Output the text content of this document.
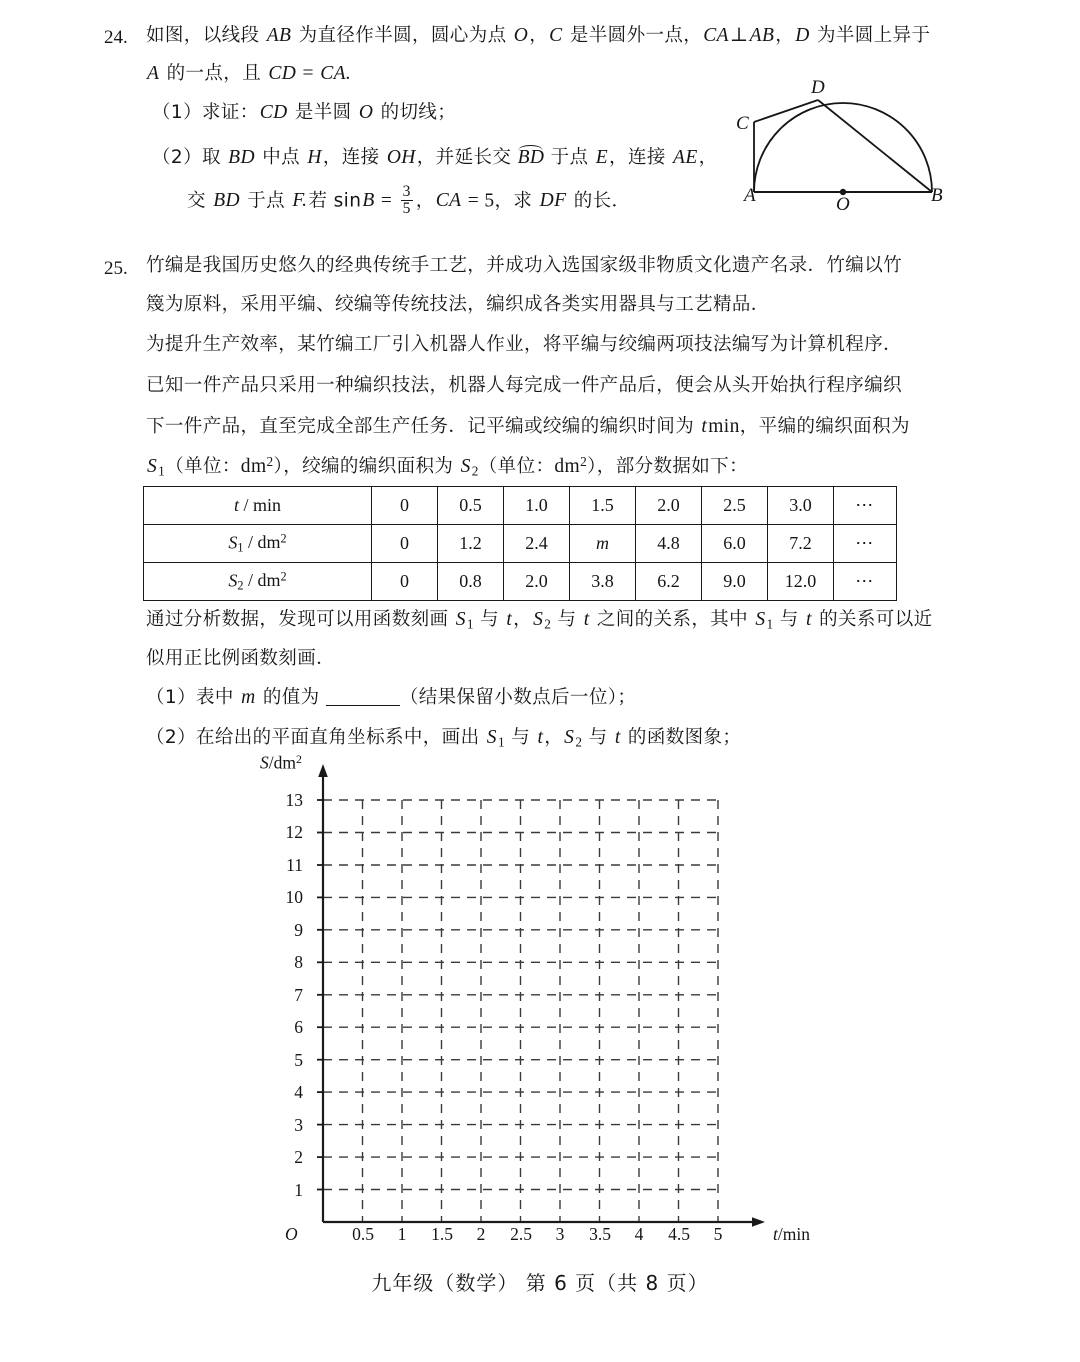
24. 如图，以线段 AB 为直径作半圆，圆心为点 O，C 是半圆外一点，CA⊥AB，D 为半圆上异于
A 的一点，且 CD = CA.
（1）求证：CD 是半圆 O 的切线；
（2）取 BD 中点 H，连接 OH，并延长交 BD 于点 E，连接 AE，
交 BD 于点 F.若 $\sin B = \frac{3}{5}$ ，CA = 5，求 DF 的长．	A	B
C
D
O
25. 竹编是我国历史悠久的经典传统手工艺，并成功入选国家级非物质文化遗产名录．竹编以竹
篾为原料，采用平编、绞编等传统技法，编织成各类实用器具与工艺精品．
为提升生产效率，某竹编工厂引入机器人作业，将平编与绞编两项技法编写为计算机程序．
已知一件产品只采用一种编织技法，机器人每完成一件产品后，便会从头开始执行程序编织
下一件产品，直至完成全部生产任务．记平编或绞编的编织时间为 tmin，平编的编织面积为
$S_1$（单位：$dm^2$），绞编的编织面积为 $S_2$（单位：$dm^2$），部分数据如下：
t / min	0	0.5	1.0	1.5	2.0	2.5	3.0	⋯
$S_1 / dm^2$	0	1.2	2.4	m	4.8	6.0	7.2	⋯
$S_2 / dm^2$	0	0.8	2.0	3.8	6.2	9.0	12.0	⋯
通过分析数据，发现可以用函数刻画 $S_1$ 与 t，$S_2$ 与 t 之间的关系，其中 $S_1$ 与 t 的关系可以近
似用正比例函数刻画．
（1）表中 m 的值为	（结果保留小数点后一位）；
（2）在给出的平面直角坐标系中，画出 $S_1$ 与 t，$S_2$ 与 t 的函数图象；
$S/dm^2$
t/min
O
13
12
11
10
9
8
7
6
5
4
3
2
1
0.5	1	1.5	2	2.5	3	3.5	4	4.5	5
九年级（数学） 第 6 页（共 8 页）
